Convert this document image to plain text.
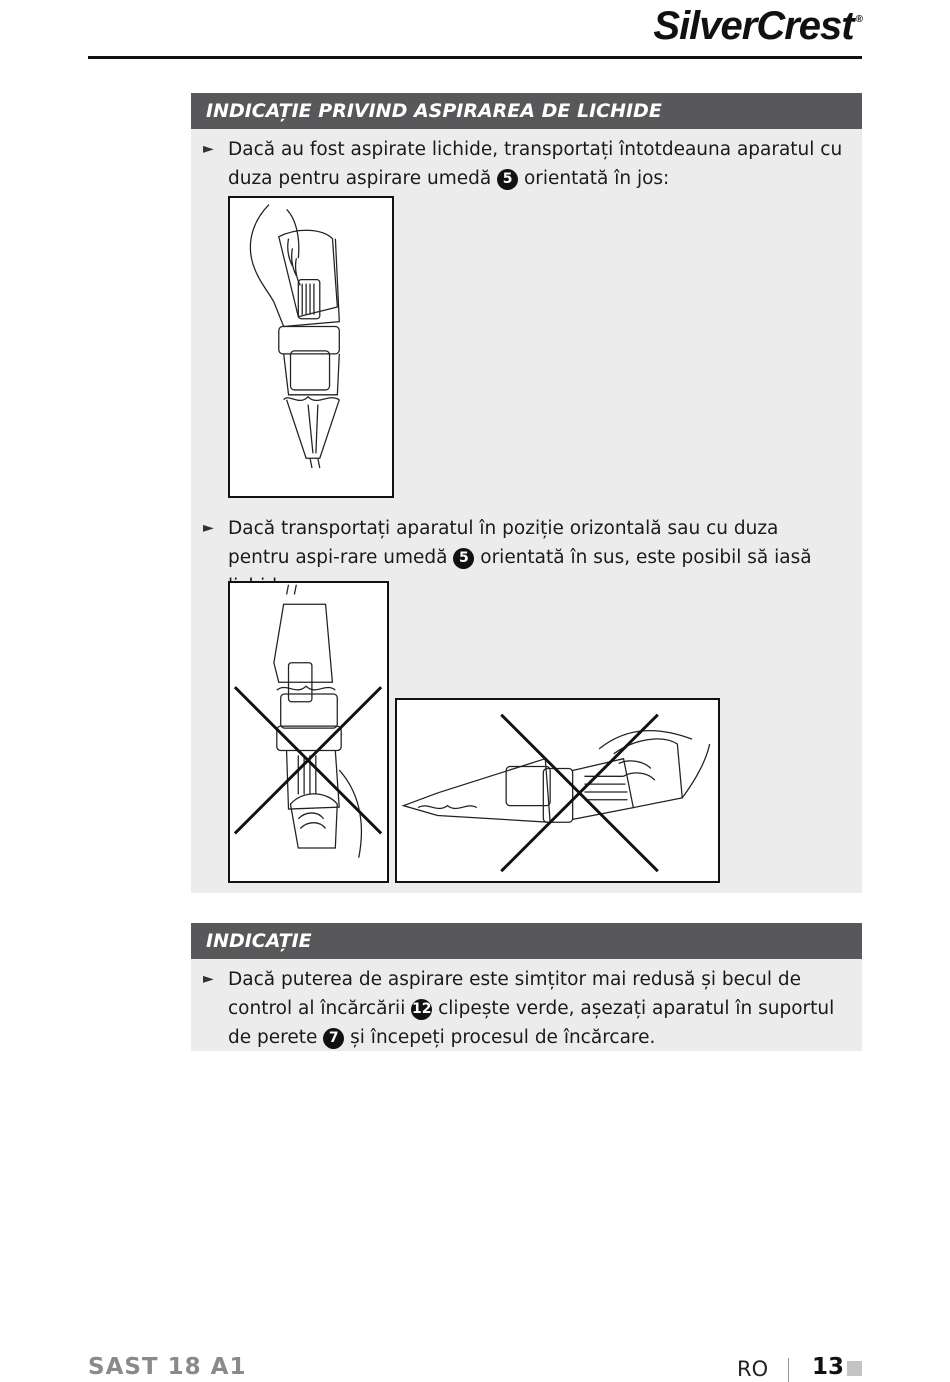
SilverCrest ®
INDICAȚIE PRIVIND ASPIRAREA DE LICHIDE
► Dacă au fost aspirate lichide, transportați întotdeauna aparatul cu duza pentru aspirare umedă 5 orientată în jos:
► Dacă transportați aparatul în poziție orizontală sau cu duza pentru aspi-rare umedă 5 orientată în sus, este posibil să iasă
INDICAȚIE
► Dacă puterea de aspirare este simțitor mai redusă și becul de control al încărcării 12 clipește verde, așezați aparatul în suportul de perete 7 și începeți procesul de încărcare.
SAST 18 A1	RO 13
